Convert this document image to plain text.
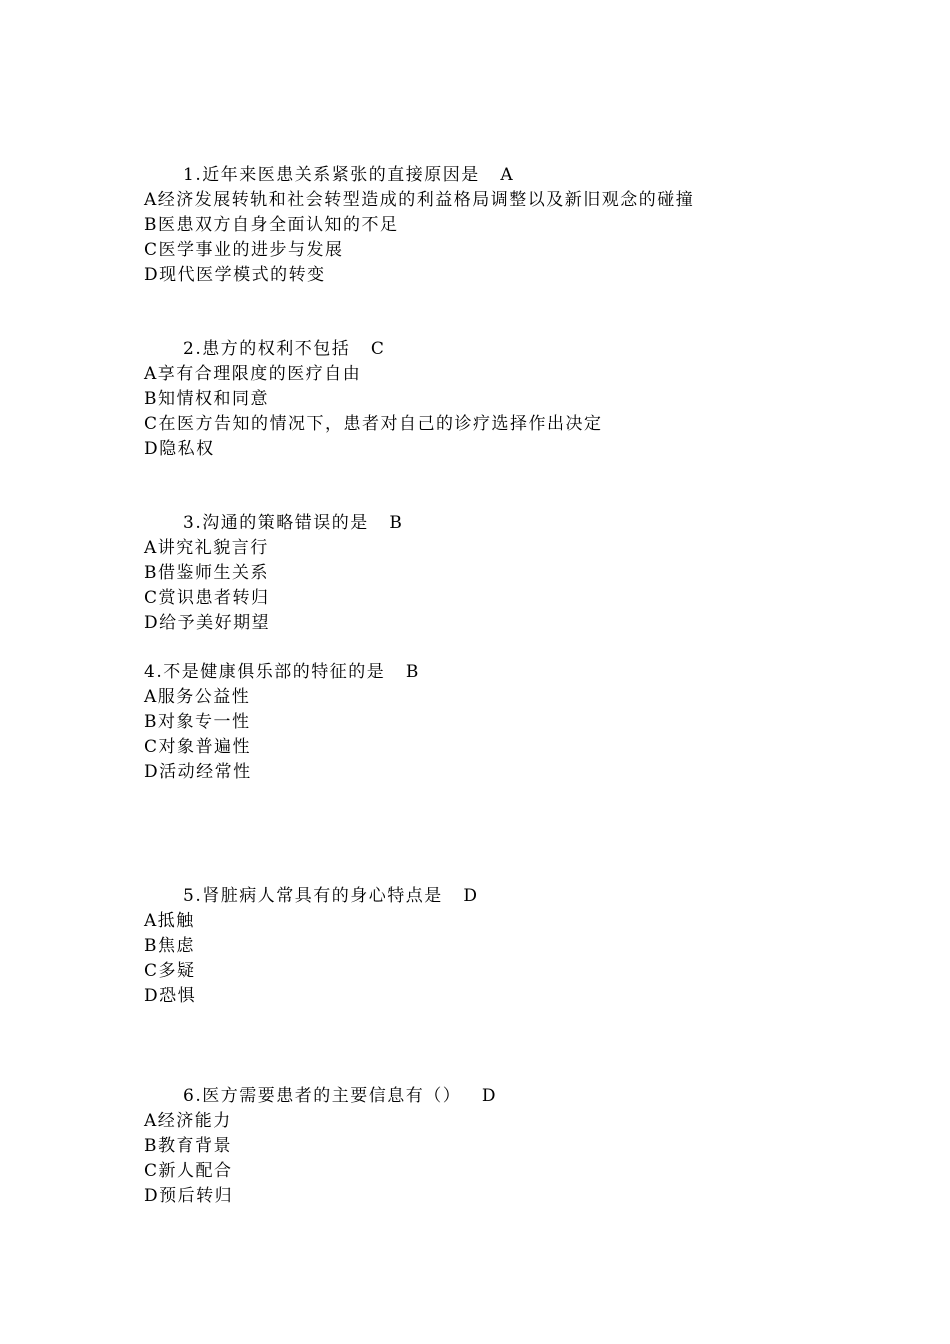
1.近年来医患关系紧张的直接原因是   A
A经济发展转轨和社会转型造成的利益格局调整以及新旧观念的碰撞
B医患双方自身全面认知的不足
C医学事业的进步与发展
D现代医学模式的转变
2.患方的权利不包括   C
A享有合理限度的医疗自由
B知情权和同意
C在医方告知的情况下，患者对自己的诊疗选择作出决定
D隐私权
3.沟通的策略错误的是   B
A讲究礼貌言行
B借鉴师生关系
C赏识患者转归
D给予美好期望
4.不是健康俱乐部的特征的是   B
A服务公益性
B对象专一性
C对象普遍性
D活动经常性
5.肾脏病人常具有的身心特点是   D
A抵触
B焦虑
C多疑
D恐惧
6.医方需要患者的主要信息有（）   D
A经济能力
B教育背景
C新人配合
D预后转归
